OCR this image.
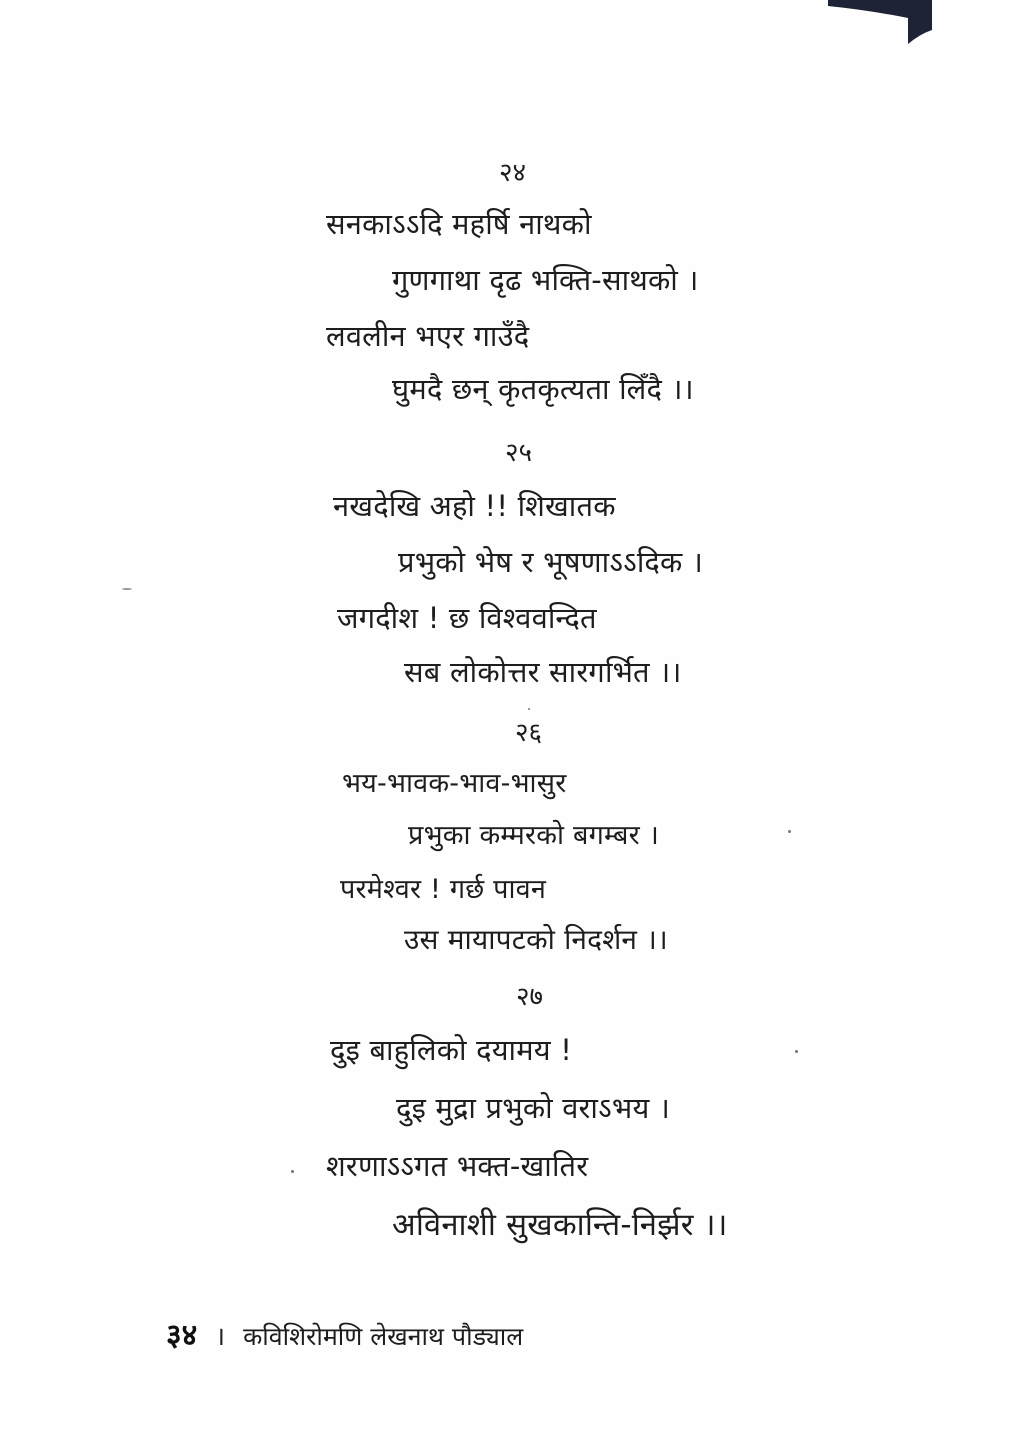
२४
सनकाऽऽदि महर्षि नाथको
गुणगाथा दृढ भक्ति-साथको ।
लवलीन भएर गाउँदै
घुमदै छन् कृतकृत्यता लिँदै ।।
२५
नखदेखि अहो !! शिखातक
प्रभुको भेष र भूषणाऽऽदिक ।
जगदीश ! छ विश्ववन्दित
सब लोकोत्तर सारगर्भित ।।
२६
भय-भावक-भाव-भासुर
प्रभुका कम्मरको बगम्बर ।
परमेश्वर ! गर्छ पावन
उस मायापटको निदर्शन ।।
२७
दुइ बाहुलिको दयामय !
दुइ मुद्रा प्रभुको वराऽभय ।
शरणाऽऽगत भक्त-खातिर
अविनाशी सुखकान्ति-निर्झर ।।
३४ । कविशिरोमणि लेखनाथ पौड्याल
